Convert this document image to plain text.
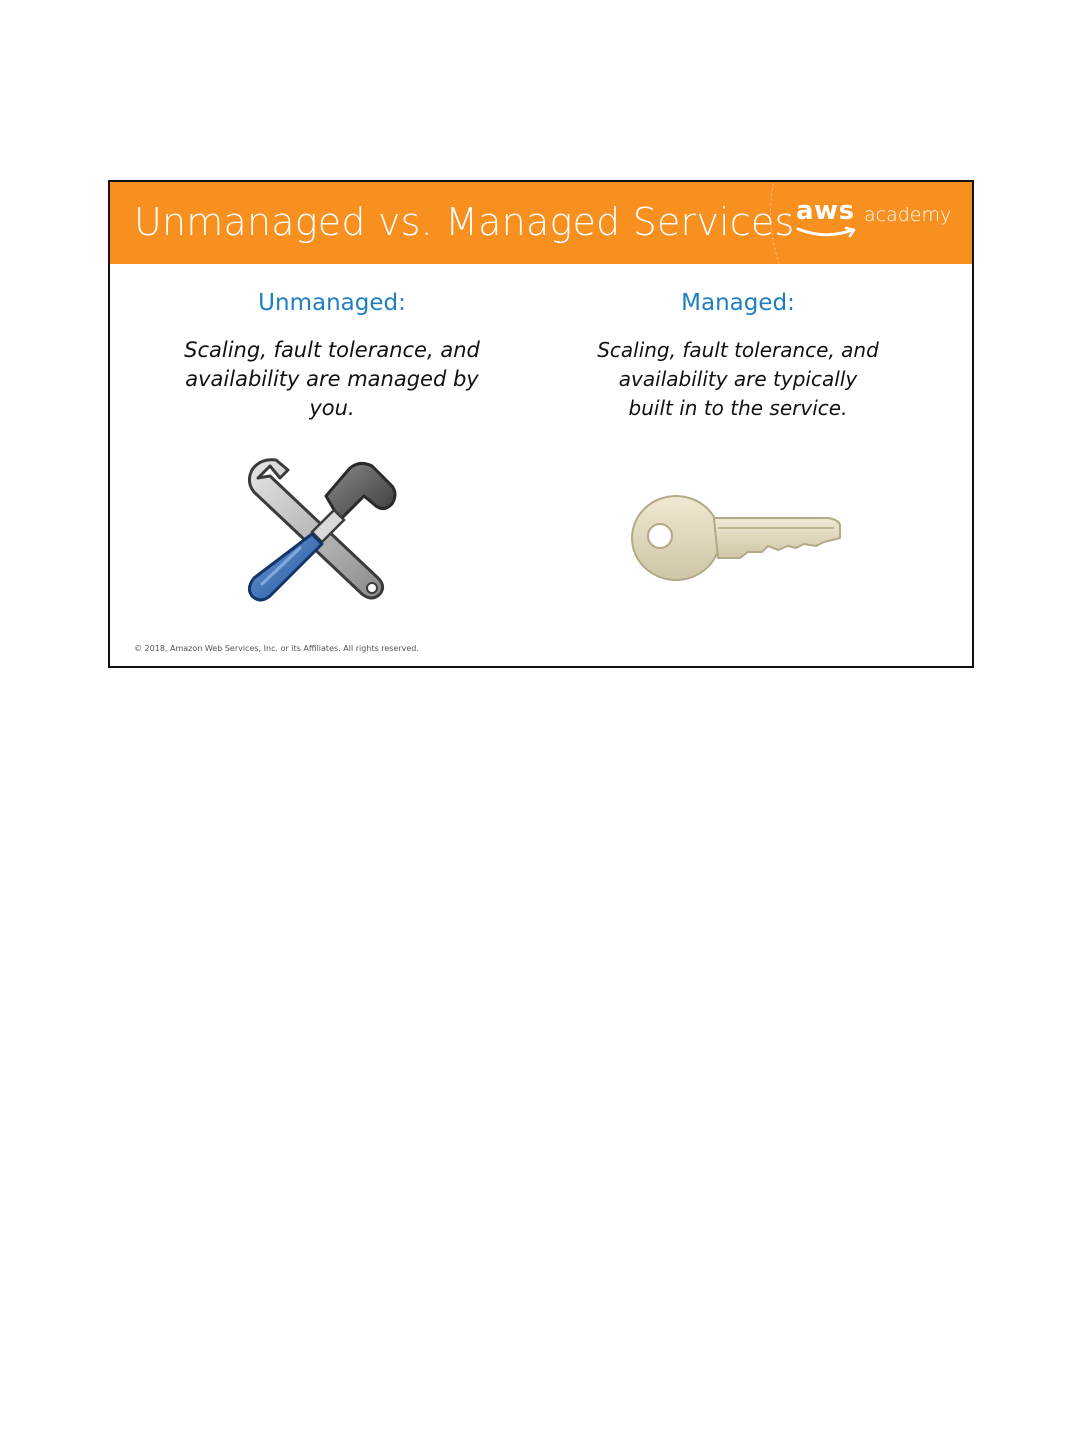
Unmanaged vs. Managed Services aws academy
Unmanaged:
Scaling, fault tolerance, and
availability are managed by
you.
Managed:
Scaling, fault tolerance, and
availability are typically
built in to the service.
© 2018, Amazon Web Services, Inc. or its Affiliates. All rights reserved.
